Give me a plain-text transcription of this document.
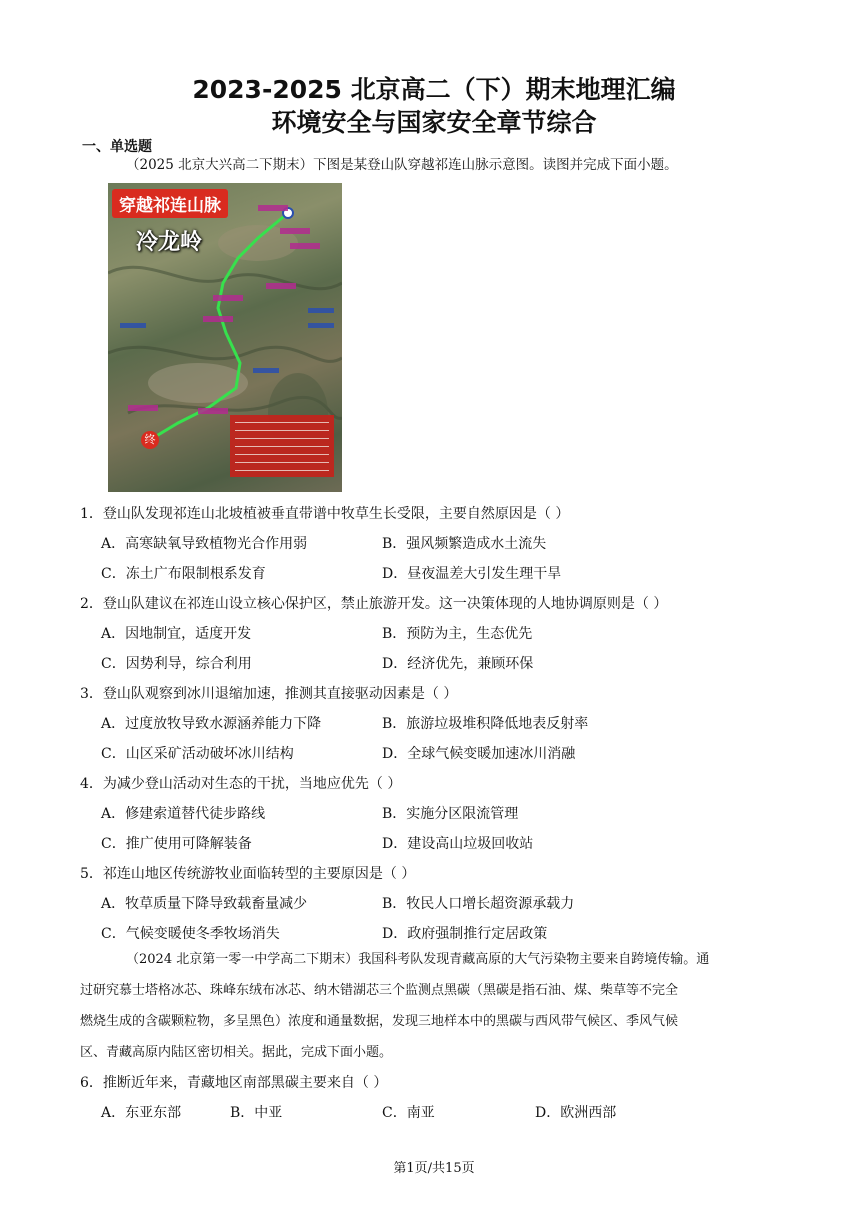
2023-2025 北京高二（下）期末地理汇编
环境安全与国家安全章节综合
一、单选题
（2025 北京大兴高二下期末）下图是某登山队穿越祁连山脉示意图。读图并完成下面小题。
穿越祁连山脉
冷龙岭
终
1．登山队发现祁连山北坡植被垂直带谱中牧草生长受限，主要自然原因是（ ）
A．高寒缺氧导致植物光合作用弱	B．强风频繁造成水土流失
C．冻土广布限制根系发育	D．昼夜温差大引发生理干旱
2．登山队建议在祁连山设立核心保护区，禁止旅游开发。这一决策体现的人地协调原则是（ ）
A．因地制宜，适度开发	B．预防为主，生态优先
C．因势利导，综合利用	D．经济优先，兼顾环保
3．登山队观察到冰川退缩加速，推测其直接驱动因素是（ ）
A．过度放牧导致水源涵养能力下降	B．旅游垃圾堆积降低地表反射率
C．山区采矿活动破坏冰川结构	D．全球气候变暖加速冰川消融
4．为减少登山活动对生态的干扰，当地应优先（ ）
A．修建索道替代徒步路线	B．实施分区限流管理
C．推广使用可降解装备	D．建设高山垃圾回收站
5．祁连山地区传统游牧业面临转型的主要原因是（ ）
A．牧草质量下降导致载畜量减少	B．牧民人口增长超资源承载力
C．气候变暖使冬季牧场消失	D．政府强制推行定居政策
（2024 北京第一零一中学高二下期末）我国科考队发现青藏高原的大气污染物主要来自跨境传输。通
过研究慕士塔格冰芯、珠峰东绒布冰芯、纳木错湖芯三个监测点黑碳（黑碳是指石油、煤、柴草等不完全
燃烧生成的含碳颗粒物，多呈黑色）浓度和通量数据，发现三地样本中的黑碳与西风带气候区、季风气候
区、青藏高原内陆区密切相关。据此，完成下面小题。
6．推断近年来，青藏地区南部黑碳主要来自（ ）
A．东亚东部	B．中亚	C．南亚	D．欧洲西部
第1页/共15页
